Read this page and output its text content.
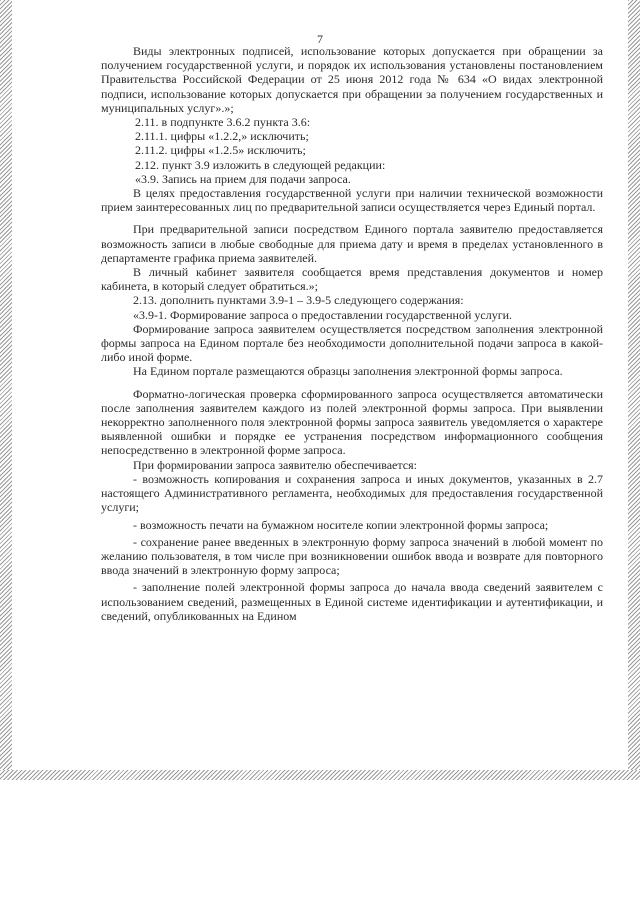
7

Виды электронных подписей, использование которых допускается при обращении за получением государственной услуги, и порядок их использования установлены постановлением Правительства Российской Федерации от 25 июня 2012 года № 634 «О видах электронной подписи, использование которых допускается при обращении за получением государственных и муниципальных услуг».»;

2.11. в подпункте 3.6.2 пункта 3.6:

2.11.1. цифры «1.2.2,» исключить;

2.11.2. цифры «1.2.5» исключить;

2.12. пункт 3.9 изложить в следующей редакции:

«3.9. Запись на прием для подачи запроса.

В целях предоставления государственной услуги при наличии технической возможности прием заинтересованных лиц по предварительной записи осуществляется через Единый портал.

При предварительной записи посредством Единого портала заявителю предоставляется возможность записи в любые свободные для приема дату и время в пределах установленного в департаменте графика приема заявителей.

В личный кабинет заявителя сообщается время представления документов и номер кабинета, в который следует обратиться.»;

2.13. дополнить пунктами 3.9-1 – 3.9-5 следующего содержания:

«3.9-1. Формирование запроса о предоставлении государственной услуги.

Формирование запроса заявителем осуществляется посредством заполнения электронной формы запроса на Едином портале без необходимости дополнительной подачи запроса в какой-либо иной форме.

На Едином портале размещаются образцы заполнения электронной формы запроса.

Форматно-логическая проверка сформированного запроса осуществляется автоматически после заполнения заявителем каждого из полей электронной формы запроса. При выявлении некорректно заполненного поля электронной формы запроса заявитель уведомляется о характере выявленной ошибки и порядке ее устранения посредством информационного сообщения непосредственно в электронной форме запроса.

При формировании запроса заявителю обеспечивается:

- возможность копирования и сохранения запроса и иных документов, указанных в 2.7 настоящего Административного регламента, необходимых для предоставления государственной услуги;

- возможность печати на бумажном носителе копии электронной формы запроса;

- сохранение ранее введенных в электронную форму запроса значений в любой момент по желанию пользователя, в том числе при возникновении ошибок ввода и возврате для повторного ввода значений в электронную форму запроса;

- заполнение полей электронной формы запроса до начала ввода сведений заявителем с использованием сведений, размещенных в Единой системе идентификации и аутентификации, и сведений, опубликованных на Едином
